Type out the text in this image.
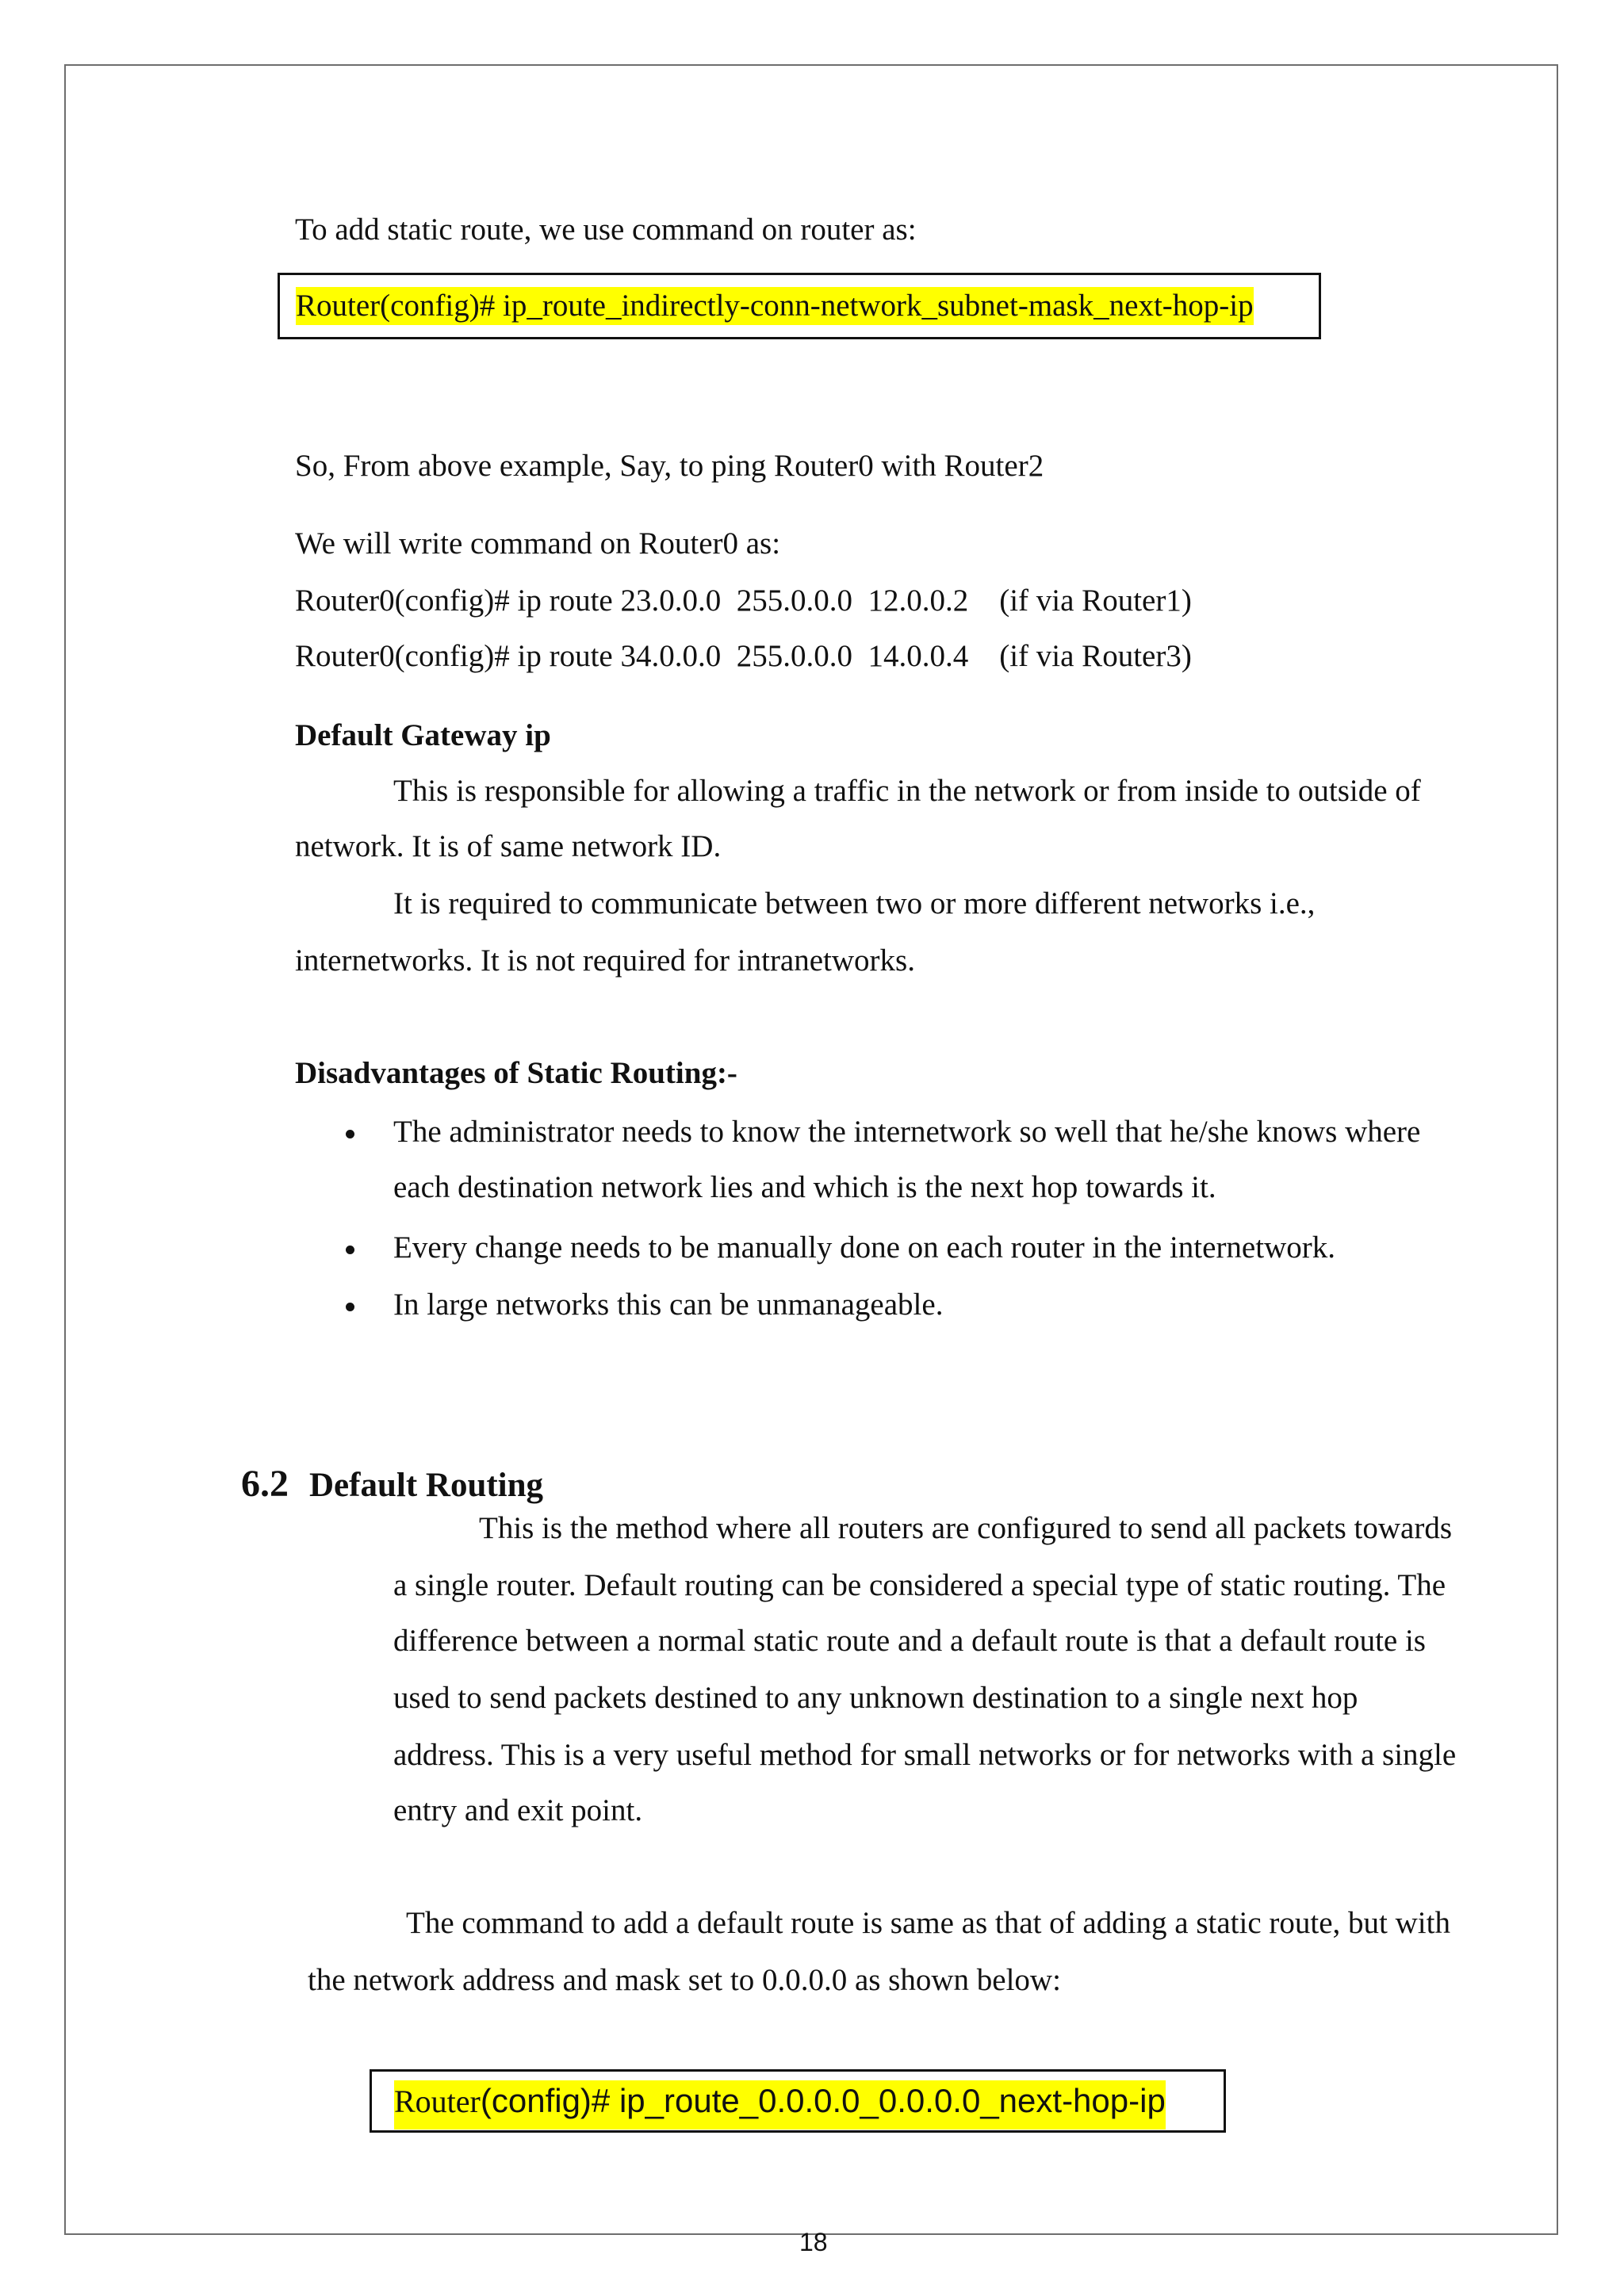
To add static route, we use command on router as:

Router(config)# ip_route_indirectly-conn-network_subnet-mask_next-hop-ip

So, From above example, Say, to ping Router0 with Router2

We will write command on Router0 as:

Router0(config)# ip route 23.0.0.0  255.0.0.0  12.0.0.2    (if via Router1)

Router0(config)# ip route 34.0.0.0  255.0.0.0  14.0.0.4    (if via Router3)

Default Gateway ip

This is responsible for allowing a traffic in the network or from inside to outside of

network. It is of same network ID.

It is required to communicate between two or more different networks i.e.,

internetworks. It is not required for intranetworks.

Disadvantages of Static Routing:-

The administrator needs to know the internetwork so well that he/she knows where

each destination network lies and which is the next hop towards it.

Every change needs to be manually done on each router in the internetwork.

In large networks this can be unmanageable.

6.2 Default Routing

This is the method where all routers are configured to send all packets towards

a single router. Default routing can be considered a special type of static routing. The

difference between a normal static route and a default route is that a default route is

used to send packets destined to any unknown destination to a single next hop

address. This is a very useful method for small networks or for networks with a single

entry and exit point.

The command to add a default route is same as that of adding a static route, but with

the network address and mask set to 0.0.0.0 as shown below:

Router(config)# ip_route_0.0.0.0_0.0.0.0_next-hop-ip
18
